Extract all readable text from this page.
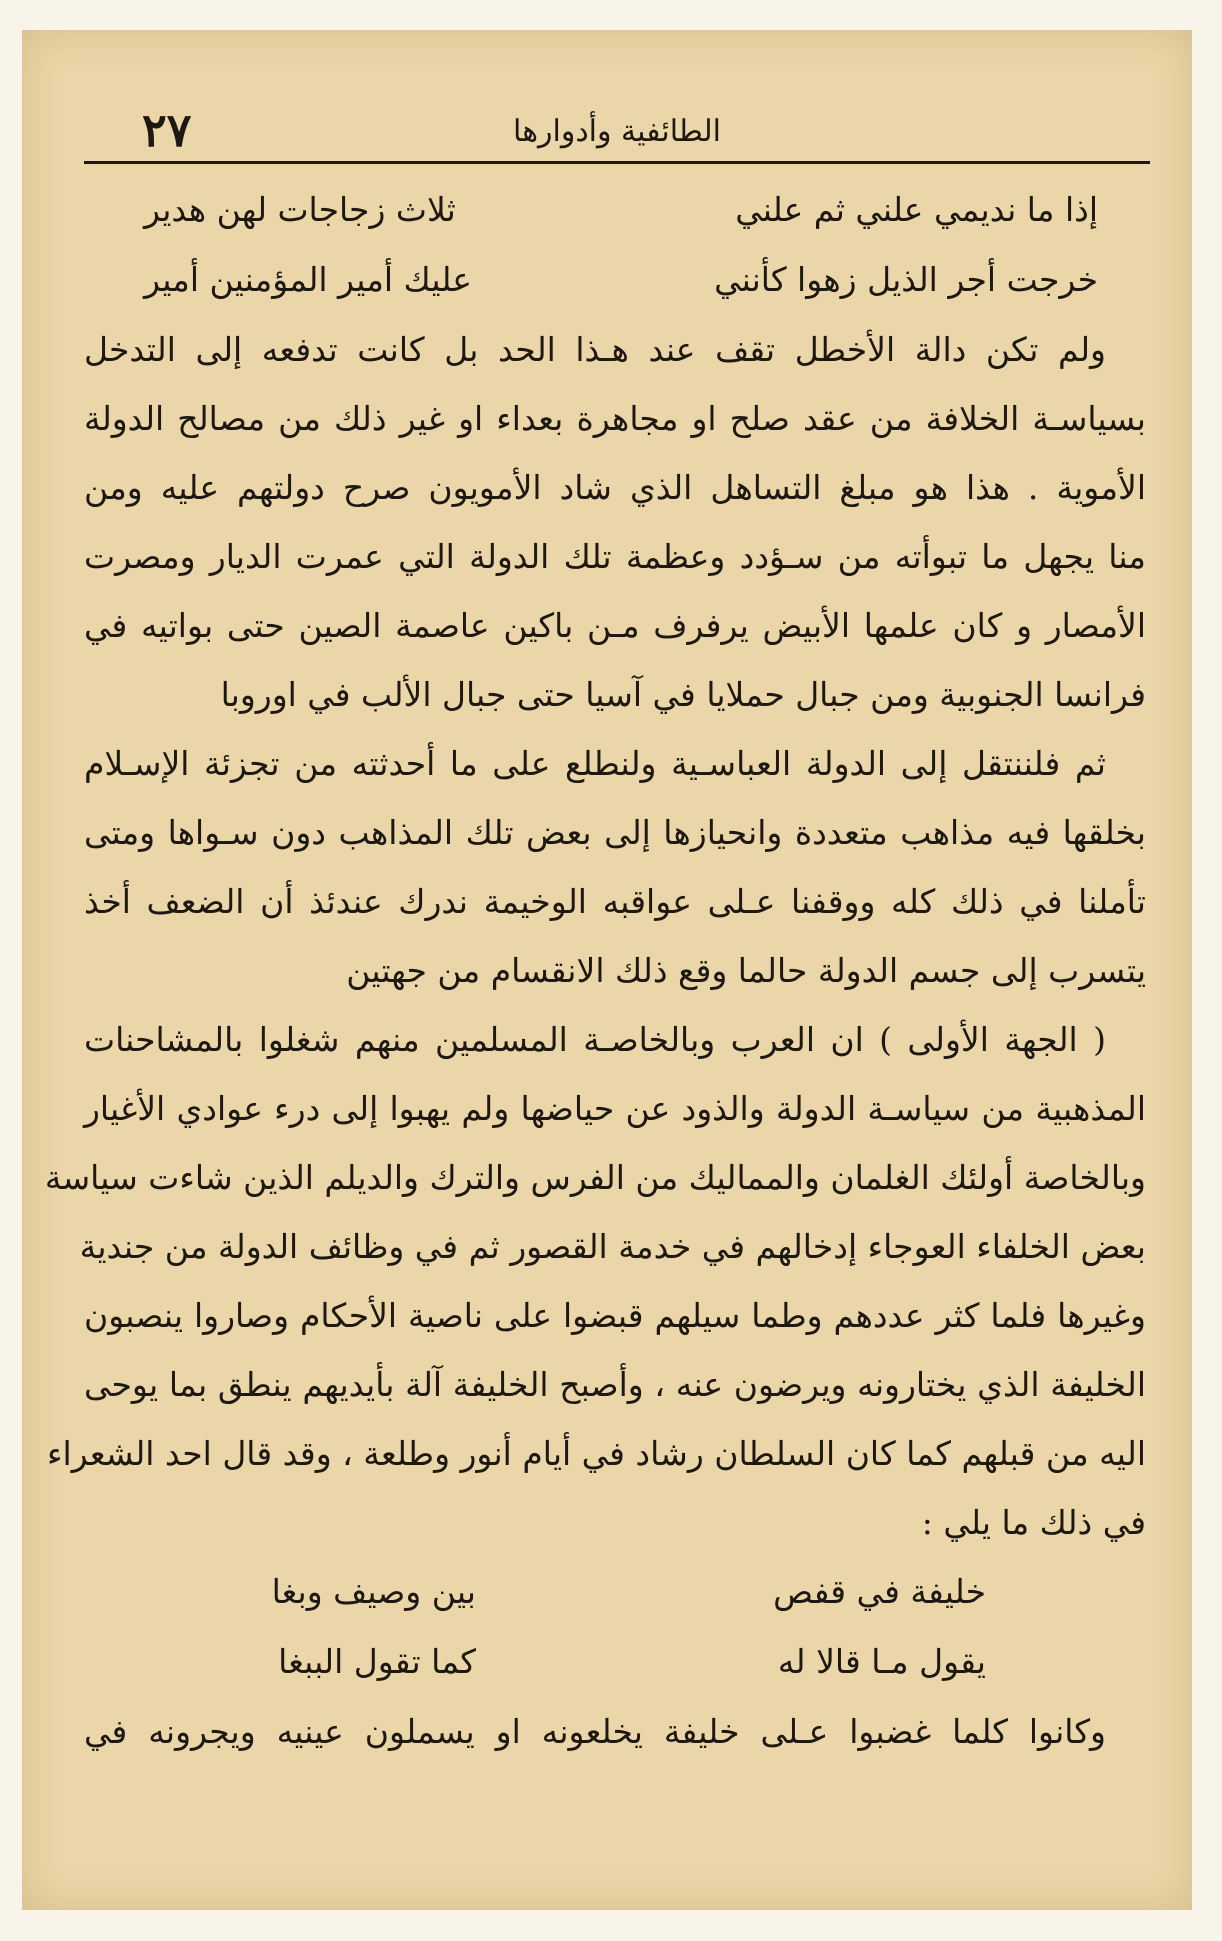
٢٧	الطائفية وأدوارها
إذا ما نديمي علني ثم علني
ثلاث زجاجات لهن هدير
خرجت أجر الذيل زهوا كأنني
عليك أمير المؤمنين أمير
ولم تكن دالة الأخطل تقف عند هـذا الحد بل كانت تدفعه إلى التدخل
بسياسـة الخلافة من عقد صلح او مجاهرة بعداء او غير ذلك من مصالح الدولة
الأموية . هذا هو مبلغ التساهل الذي شاد الأمويون صرح دولتهم عليه ومن
منا يجهل ما تبوأته من سـؤدد وعظمة تلك الدولة التي عمرت الديار ومصرت
الأمصار و كان علمها الأبيض يرفرف مـن باكين عاصمة الصين حتى بواتيه في
فرانسا الجنوبية ومن جبال حملايا في آسيا حتى جبال الألب في اوروبا
ثم فلننتقل إلى الدولة العباسـية ولنطلع على ما أحدثته من تجزئة الإسـلام
بخلقها فيه مذاهب متعددة وانحيازها إلى بعض تلك المذاهب دون سـواها ومتى
تأملنا في ذلك كله ووقفنا عـلى عواقبه الوخيمة ندرك عندئذ أن الضعف أخذ
يتسرب إلى جسم الدولة حالما وقع ذلك الانقسام من جهتين
( الجهة الأولى ) ان العرب وبالخاصـة المسلمين منهم شغلوا بالمشاحنات
المذهبية من سياسـة الدولة والذود عن حياضها ولم يهبوا إلى درء عوادي الأغيار
وبالخاصة أولئك الغلمان والمماليك من الفرس والترك والديلم الذين شاءت سياسة
بعض الخلفاء العوجاء إدخالهم في خدمة القصور ثم في وظائف الدولة من جندية
وغيرها فلما كثر عددهم وطما سيلهم قبضوا على ناصية الأحكام وصاروا ينصبون
الخليفة الذي يختارونه ويرضون عنه ، وأصبح الخليفة آلة بأيديهم ينطق بما يوحى
اليه من قبلهم كما كان السلطان رشاد في أيام أنور وطلعة ، وقد قال احد الشعراء
في ذلك ما يلي :
خليفة في قفص
بين وصيف وبغا
يقول مـا قالا له
كما تقول الببغا
وكانوا كلما غضبوا عـلى خليفة يخلعونه او يسملون عينيه ويجرونه في
